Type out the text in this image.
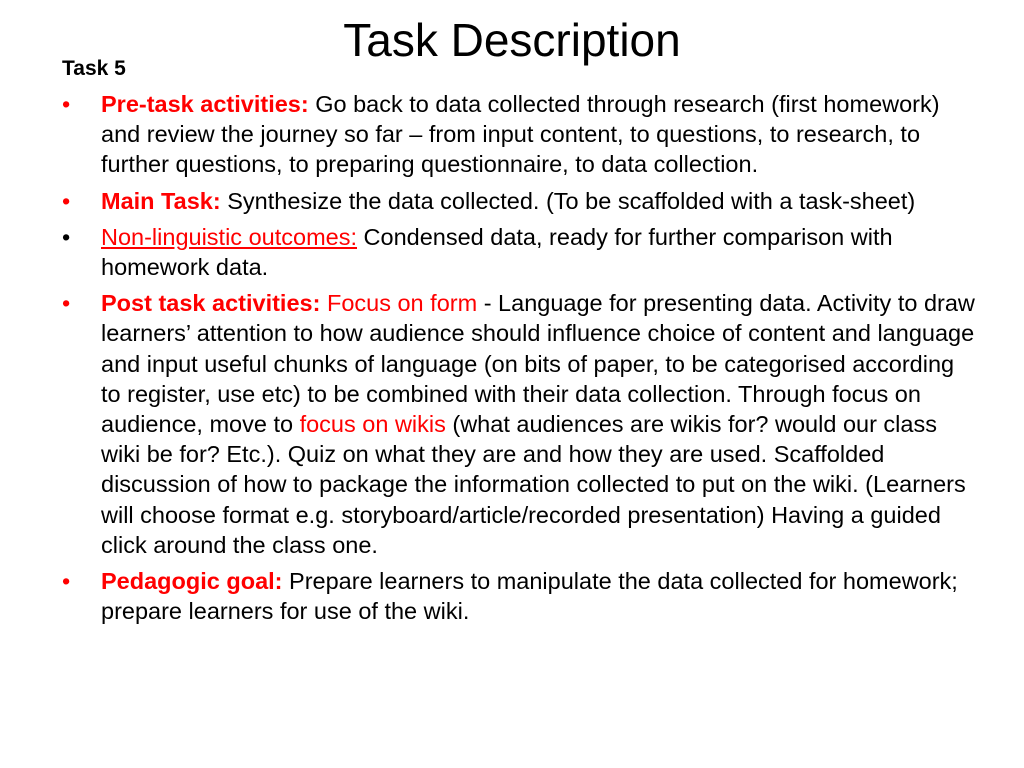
Task Description
Task 5
•	Pre-task activities: Go back to data collected through research (first homework) and review the journey so far – from input content, to questions, to research, to further questions, to preparing questionnaire, to data collection.
•	Main Task: Synthesize the data collected. (To be scaffolded with a task-sheet)
•	Non-linguistic outcomes: Condensed data, ready for further comparison with homework data.
•	Post task activities: Focus on form - Language for presenting data. Activity to draw learners’ attention to how audience should influence choice of content and language and input useful chunks of language (on bits of paper, to be categorised according to register, use etc) to be combined with their data collection. Through focus on audience, move to focus on wikis (what audiences are wikis for? would our class wiki be for? Etc.). Quiz on what they are and how they are used. Scaffolded discussion of how to package the information collected to put on the wiki. (Learners will choose format e.g. storyboard/article/recorded presentation) Having a guided click around the class one.
•	Pedagogic goal: Prepare learners to manipulate the data collected for homework; prepare learners for use of the wiki.
